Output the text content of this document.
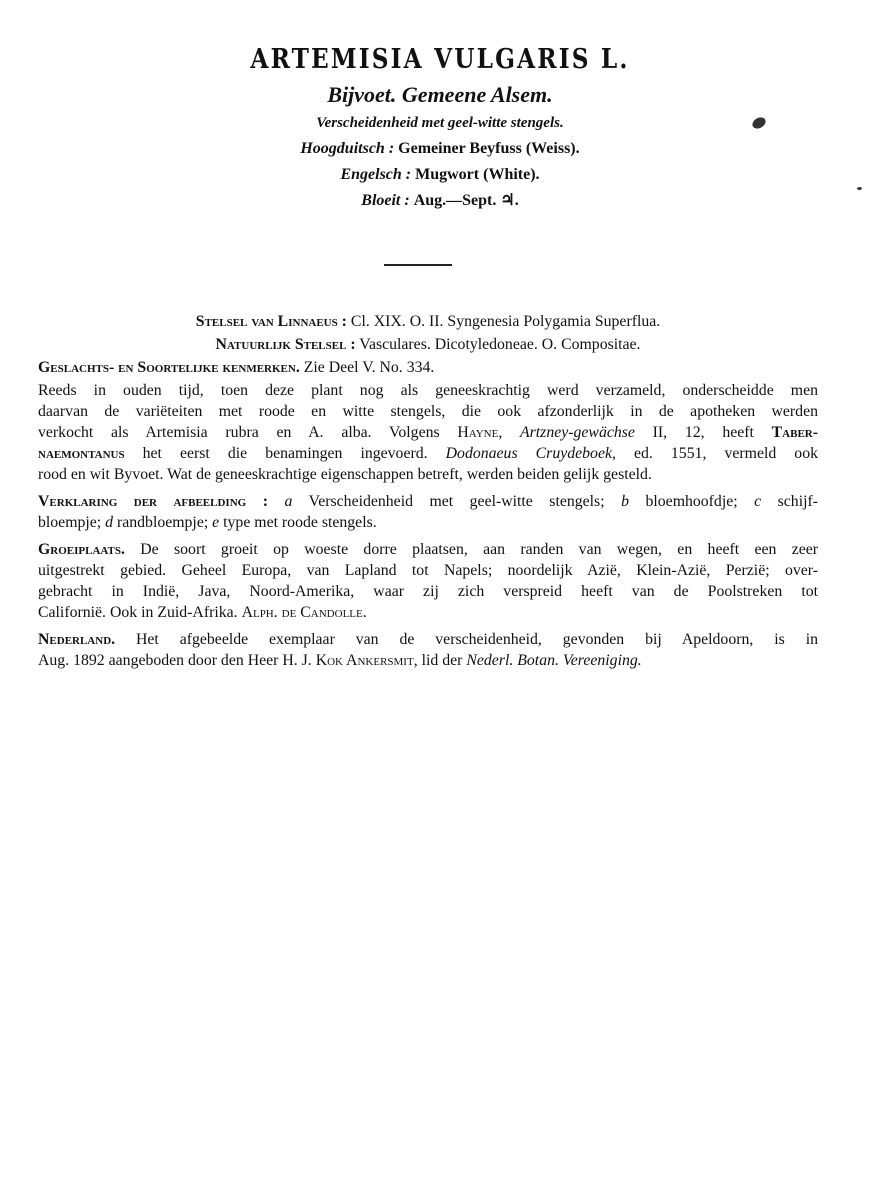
ARTEMISIA VULGARIS L.
Bijvoet. Gemeene Alsem.
Verscheidenheid met geel-witte stengels.
Hoogduitsch : Gemeiner Beyfuss (Weiss).
Engelsch : Mugwort (White).
Bloeit : Aug.—Sept. ♃.
Stelsel van Linnaeus : Cl. XIX. O. II. Syngenesia Polygamia Superflua.
Natuurlijk Stelsel : Vasculares. Dicotyledoneae. O. Compositae.
Geslachts- en Soortelijke kenmerken. Zie Deel V. No. 334.
Reeds in ouden tijd, toen deze plant nog als geneeskrachtig werd verzameld, onderscheidde men
daarvan de variëteiten met roode en witte stengels, die ook afzonderlijk in de apotheken werden
verkocht als Artemisia rubra en A. alba. Volgens Hayne, Artzney-gewächse II, 12, heeft Taber-
naemontanus het eerst die benamingen ingevoerd. Dodonaeus Cruydeboek, ed. 1551, vermeld ook
rood en wit Byvoet. Wat de geneeskrachtige eigenschappen betreft, werden beiden gelijk gesteld.
Verklaring der afbeelding : a Verscheidenheid met geel-witte stengels; b bloemhoofdje; c schijf-
bloempje; d randbloempje; e type met roode stengels.
Groeiplaats. De soort groeit op woeste dorre plaatsen, aan randen van wegen, en heeft een zeer
uitgestrekt gebied. Geheel Europa, van Lapland tot Napels; noordelijk Azië, Klein-Azië, Perzië; over-
gebracht in Indië, Java, Noord-Amerika, waar zij zich verspreid heeft van de Poolstreken tot
Californië. Ook in Zuid-Afrika. Alph. de Candolle.
Nederland. Het afgebeelde exemplaar van de verscheidenheid, gevonden bij Apeldoorn, is in
Aug. 1892 aangeboden door den Heer H. J. Kok Ankersmit, lid der Nederl. Botan. Vereeniging.
